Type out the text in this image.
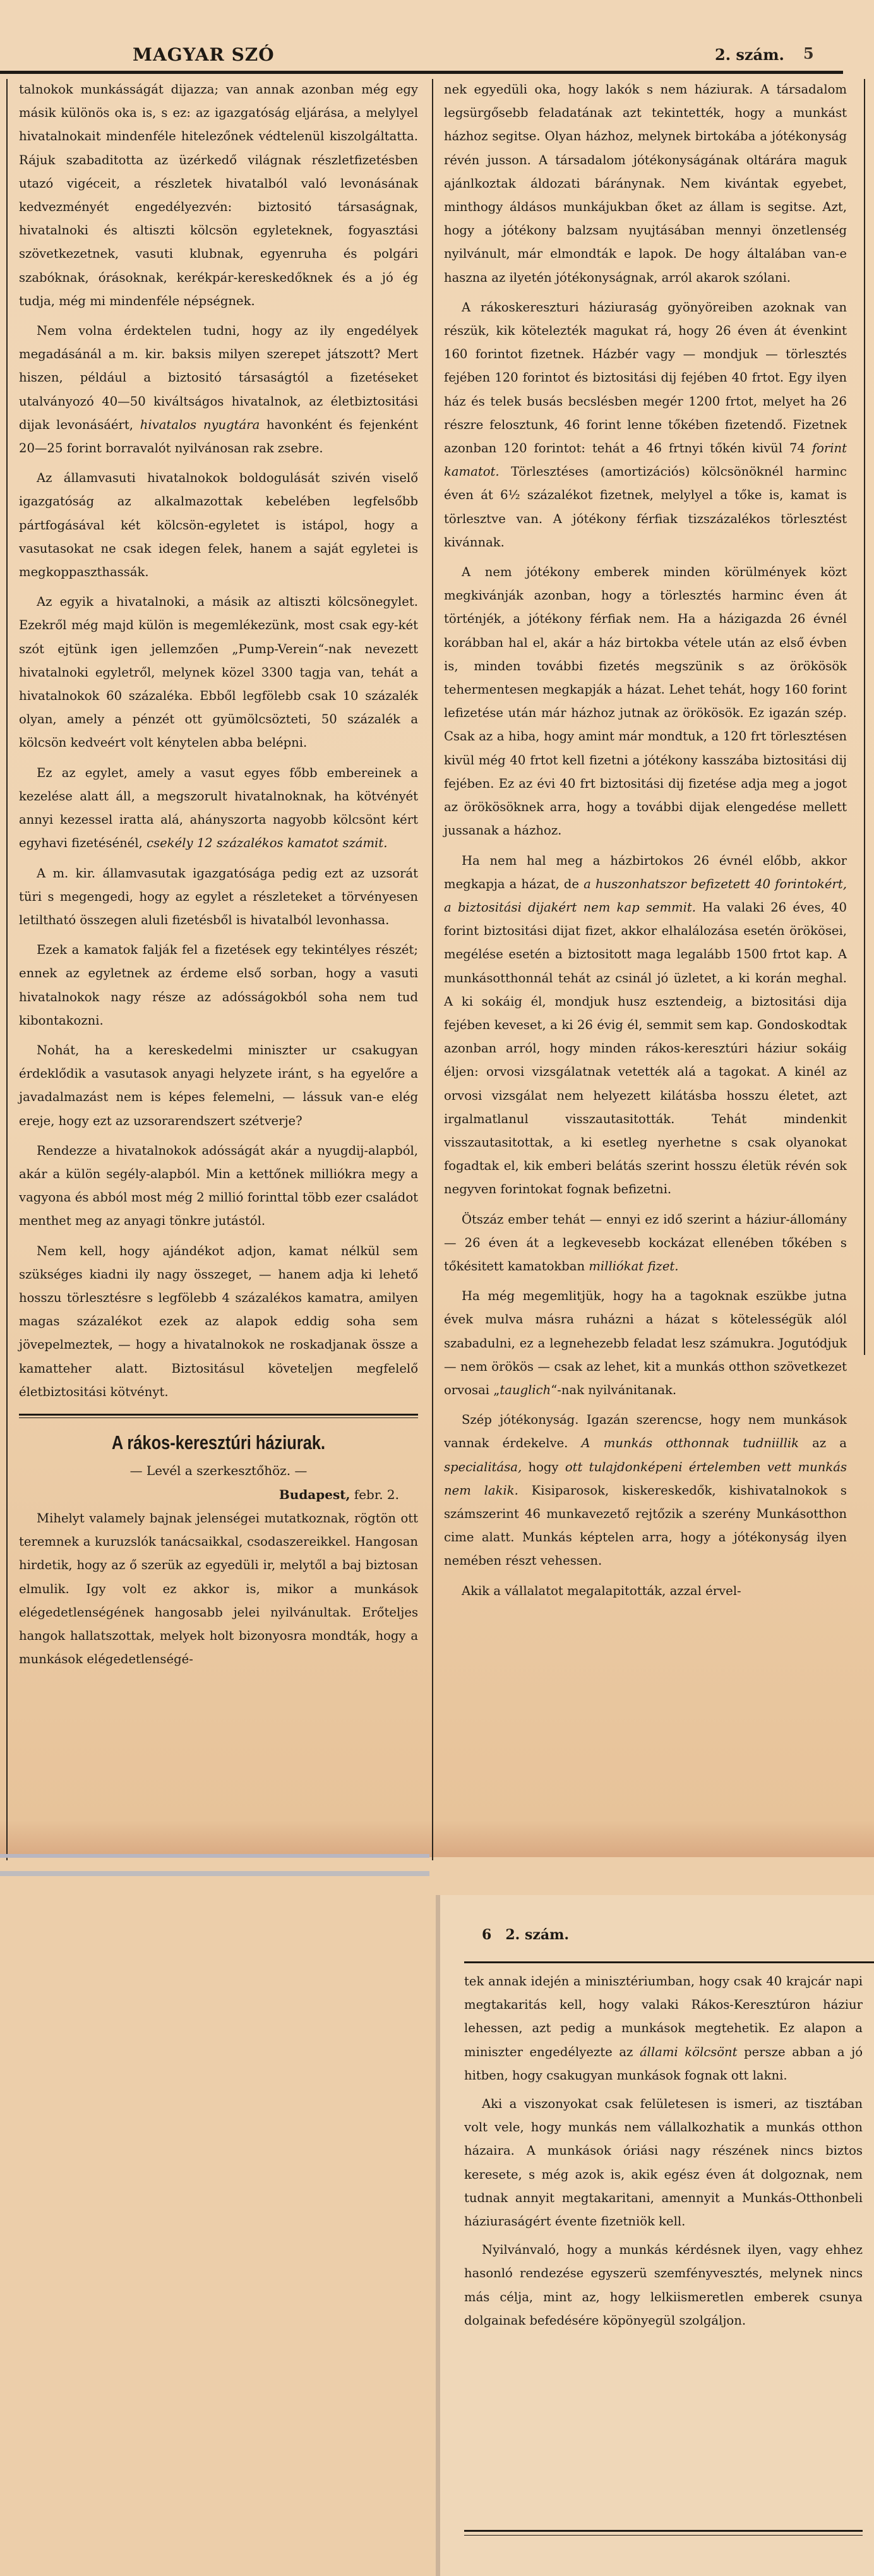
MAGYAR SZÓ	2. szám. 5

talnokok munkásságát dijazza; van annak azonban még egy másik különös oka is, s ez: az igazgatóság eljárása, a melylyel hivatalnokait mindenféle hitelezőnek védtelenül kiszolgáltatta. Rájuk szabaditotta az üzérkedő világnak részletfizetésben utazó vigéceit, a részletek hivatalból való levonásának kedvezményét engedélyezvén: biztositó társaságnak, hivatalnoki és altiszti kölcsön egyleteknek, fogyasztási szövetkezetnek, vasuti klubnak, egyenruha és polgári szabóknak, órásoknak, kerékpár-kereskedőknek és a jó ég tudja, még mi mindenféle népségnek.

Nem volna érdektelen tudni, hogy az ily engedélyek megadásánál a m. kir. baksis milyen szerepet játszott? Mert hiszen, például a biztositó társaságtól a fizetéseket utalványozó 40—50 kiváltságos hivatalnok, az életbiztositási dijak levonásáért, hivatalos nyugtára havonként és fejenként 20—25 forint borravalót nyilvánosan rak zsebre.

Az államvasuti hivatalnokok boldogulását szivén viselő igazgatóság az alkalmazottak kebelében legfelsőbb pártfogásával két kölcsön-egyletet is istápol, hogy a vasutasokat ne csak idegen felek, hanem a saját egyletei is megkoppaszthassák.

Az egyik a hivatalnoki, a másik az altiszti kölcsönegylet. Ezekről még majd külön is megemlékezünk, most csak egy-két szót ejtünk igen jellemzően „Pump-Verein“-nak nevezett hivatalnoki egyletről, melynek közel 3300 tagja van, tehát a hivatalnokok 60 százaléka. Ebből legfölebb csak 10 százalék olyan, amely a pénzét ott gyümölcsözteti, 50 százalék a kölcsön kedveért volt kénytelen abba belépni.

Ez az egylet, amely a vasut egyes főbb embereinek a kezelése alatt áll, a megszorult hivatalnoknak, ha kötvényét annyi kezessel iratta alá, ahányszorta nagyobb kölcsönt kért egyhavi fizetésénél, csekély 12 százalékos kamatot számit.

A m. kir. államvasutak igazgatósága pedig ezt az uzsorát türi s megengedi, hogy az egylet a részleteket a törvényesen letiltható összegen aluli fizetésből is hivatalból levonhassa.

Ezek a kamatok falják fel a fizetések egy tekintélyes részét; ennek az egyletnek az érdeme első sorban, hogy a vasuti hivatalnokok nagy része az adósságokból soha nem tud kibontakozni.

Nohát, ha a kereskedelmi miniszter ur csakugyan érdeklődik a vasutasok anyagi helyzete iránt, s ha egyelőre a javadalmazást nem is képes felemelni, — lássuk van-e elég ereje, hogy ezt az uzsorarendszert szétverje?

Rendezze a hivatalnokok adósságát akár a nyugdij-alapból, akár a külön segély-alapból. Min a kettőnek milliókra megy a vagyona és abból most még 2 millió forinttal több ezer családot menthet meg az anyagi tönkre jutástól.

Nem kell, hogy ajándékot adjon, kamat nélkül sem szükséges kiadni ily nagy összeget, — hanem adja ki lehető hosszu törlesztésre s legfölebb 4 százalékos kamatra, amilyen magas százalékot ezek az alapok eddig soha sem jövepelmeztek, — hogy a hivatalnokok ne roskadjanak össze a kamatteher alatt. Biztositásul követeljen megfelelő életbiztositási kötvényt.

A rákos-keresztúri háziurak.
— Levél a szerkesztőhöz. —
Budapest, febr. 2.

Mihelyt valamely bajnak jelenségei mutatkoznak, rögtön ott teremnek a kuruzslók tanácsaikkal, csodaszereikkel. Hangosan hirdetik, hogy az ő szerük az egyedüli ir, melytől a baj biztosan elmulik. Igy volt ez akkor is, mikor a munkások elégedetlenségének hangosabb jelei nyilvánultak. Erőteljes hangok hallatszottak, melyek holt bizonyosra mondták, hogy a munkások elégedetlenségé-

nek egyedüli oka, hogy lakók s nem háziurak. A társadalom legsürgősebb feladatának azt tekintették, hogy a munkást házhoz segitse. Olyan házhoz, melynek birtokába a jótékonyság révén jusson. A társadalom jótékonyságának oltárára maguk ajánlkoztak áldozati báránynak. Nem kivántak egyebet, minthogy áldásos munkájukban őket az állam is segitse. Azt, hogy a jótékony balzsam nyujtásában mennyi önzetlenség nyilvánult, már elmondták e lapok. De hogy általában van-e haszna az ilyetén jótékonyságnak, arról akarok szólani.

A rákoskereszturi háziuraság gyönyöreiben azoknak van részük, kik kötelezték magukat rá, hogy 26 éven át évenkint 160 forintot fizetnek. Házbér vagy — mondjuk — törlesztés fejében 120 forintot és biztositási dij fejében 40 frtot. Egy ilyen ház és telek busás becslésben megér 1200 frtot, melyet ha 26 részre felosztunk, 46 forint lenne tőkében fizetendő. Fizetnek azonban 120 forintot: tehát a 46 frtnyi tőkén kivül 74 forint kamatot. Törlesztéses (amortizációs) kölcsönöknél harminc éven át 6½ százalékot fizetnek, melylyel a tőke is, kamat is törlesztve van. A jótékony férfiak tizszázalékos törlesztést kivánnak.

A nem jótékony emberek minden körülmények közt megkivánják azonban, hogy a törlesztés harminc éven át történjék, a jótékony férfiak nem. Ha a házigazda 26 évnél korábban hal el, akár a ház birtokba vétele után az első évben is, minden további fizetés megszünik s az örökösök tehermentesen megkapják a házat. Lehet tehát, hogy 160 forint lefizetése után már házhoz jutnak az örökösök. Ez igazán szép. Csak az a hiba, hogy amint már mondtuk, a 120 frt törlesztésen kivül még 40 frtot kell fizetni a jótékony kasszába biztositási dij fejében. Ez az évi 40 frt biztositási dij fizetése adja meg a jogot az örökösöknek arra, hogy a további dijak elengedése mellett jussanak a házhoz.

Ha nem hal meg a házbirtokos 26 évnél előbb, akkor megkapja a házat, de a huszonhatszor befizetett 40 forintokért, a biztositási dijakért nem kap semmit. Ha valaki 26 éves, 40 forint biztositási dijat fizet, akkor elhalálozása esetén örökösei, megélése esetén a biztositott maga legalább 1500 frtot kap. A munkásotthonnál tehát az csinál jó üzletet, a ki korán meghal. A ki sokáig él, mondjuk husz esztendeig, a biztositási dija fejében keveset, a ki 26 évig él, semmit sem kap. Gondoskodtak azonban arról, hogy minden rákos-keresztúri háziur sokáig éljen: orvosi vizsgálatnak vetették alá a tagokat. A kinél az orvosi vizsgálat nem helyezett kilátásba hosszu életet, azt irgalmatlanul visszautasitották. Tehát mindenkit visszautasitottak, a ki esetleg nyerhetne s csak olyanokat fogadtak el, kik emberi belátás szerint hosszu életük révén sok negyven forintokat fognak befizetni.

Ötszáz ember tehát — ennyi ez idő szerint a háziur-állomány — 26 éven át a legkevesebb kockázat ellenében tőkében s tőkésitett kamatokban milliókat fizet.

Ha még megemlitjük, hogy ha a tagoknak eszükbe jutna évek mulva másra ruházni a házat s kötelességük alól szabadulni, ez a legnehezebb feladat lesz számukra. Jogutódjuk — nem örökös — csak az lehet, kit a munkás otthon szövetkezet orvosai „tauglich“-nak nyilvánitanak.

Szép jótékonyság. Igazán szerencse, hogy nem munkások vannak érdekelve. A munkás otthonnak tudniillik az a specialitása, hogy ott tulajdonképeni értelemben vett munkás nem lakik. Kisiparosok, kiskereskedők, kishivatalnokok s számszerint 46 munkavezető rejtőzik a szerény Munkásotthon cime alatt. Munkás képtelen arra, hogy a jótékonyság ilyen nemében részt vehessen.

Akik a vállalatot megalapitották, azzal érvel-

6 2. szám.

tek annak idején a minisztériumban, hogy csak 40 krajcár napi megtakaritás kell, hogy valaki Rákos-Keresztúron háziur lehessen, azt pedig a munkások megtehetik. Ez alapon a miniszter engedélyezte az állami kölcsönt persze abban a jó hitben, hogy csakugyan munkások fognak ott lakni.

Aki a viszonyokat csak felületesen is ismeri, az tisztában volt vele, hogy munkás nem vállalkozhatik a munkás otthon házaira. A munkások óriási nagy részének nincs biztos keresete, s még azok is, akik egész éven át dolgoznak, nem tudnak annyit megtakaritani, amennyit a Munkás-Otthonbeli háziuraságért évente fizetniök kell.

Nyilvánvaló, hogy a munkás kérdésnek ilyen, vagy ehhez hasonló rendezése egyszerü szemfényvesztés, melynek nincs más célja, mint az, hogy lelkiismeretlen emberek csunya dolgainak befedésére köpönyegül szolgáljon.
